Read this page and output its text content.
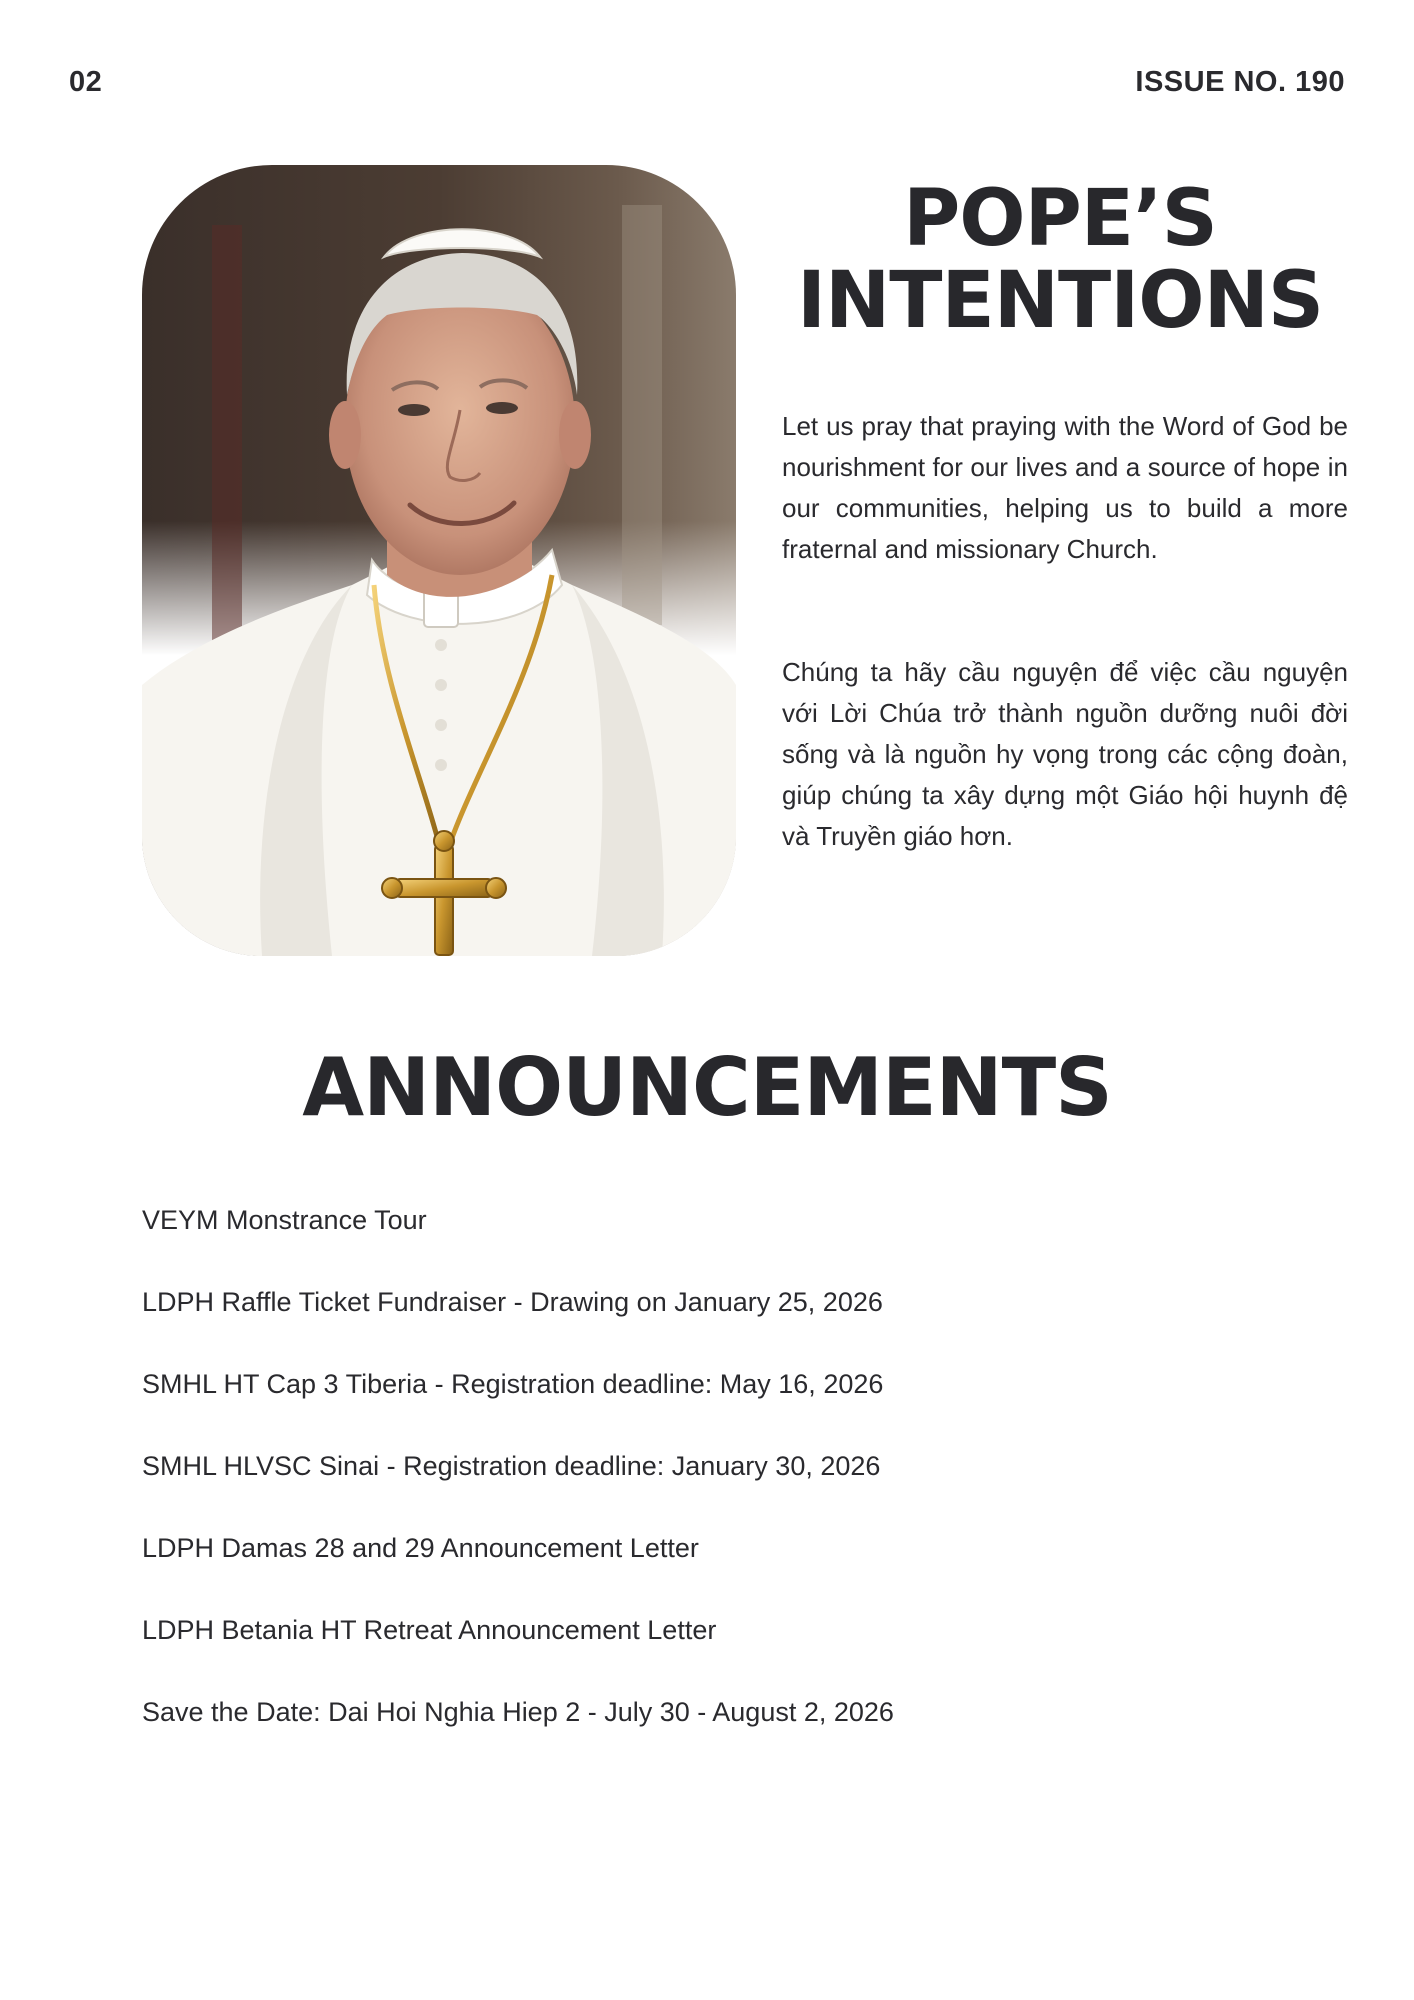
02	ISSUE NO. 190
POPE’S
INTENTIONS

Let us pray that praying with the Word of God be nourishment for our lives and a source of hope in our communities, helping us to build a more fraternal and missionary Church.

Chúng ta hãy cầu nguyện để việc cầu nguyện với Lời Chúa trở thành nguồn dưỡng nuôi đời sống và là nguồn hy vọng trong các cộng đoàn, giúp chúng ta xây dựng một Giáo hội huynh đệ và Truyền giáo hơn.

ANNOUNCEMENTS
VEYM Monstrance Tour
LDPH Raffle Ticket Fundraiser - Drawing on January 25, 2026
SMHL HT Cap 3 Tiberia - Registration deadline: May 16, 2026
SMHL HLVSC Sinai - Registration deadline: January 30, 2026
LDPH Damas 28 and 29 Announcement Letter
LDPH Betania HT Retreat Announcement Letter
Save the Date: Dai Hoi Nghia Hiep 2 - July 30 - August 2, 2026
